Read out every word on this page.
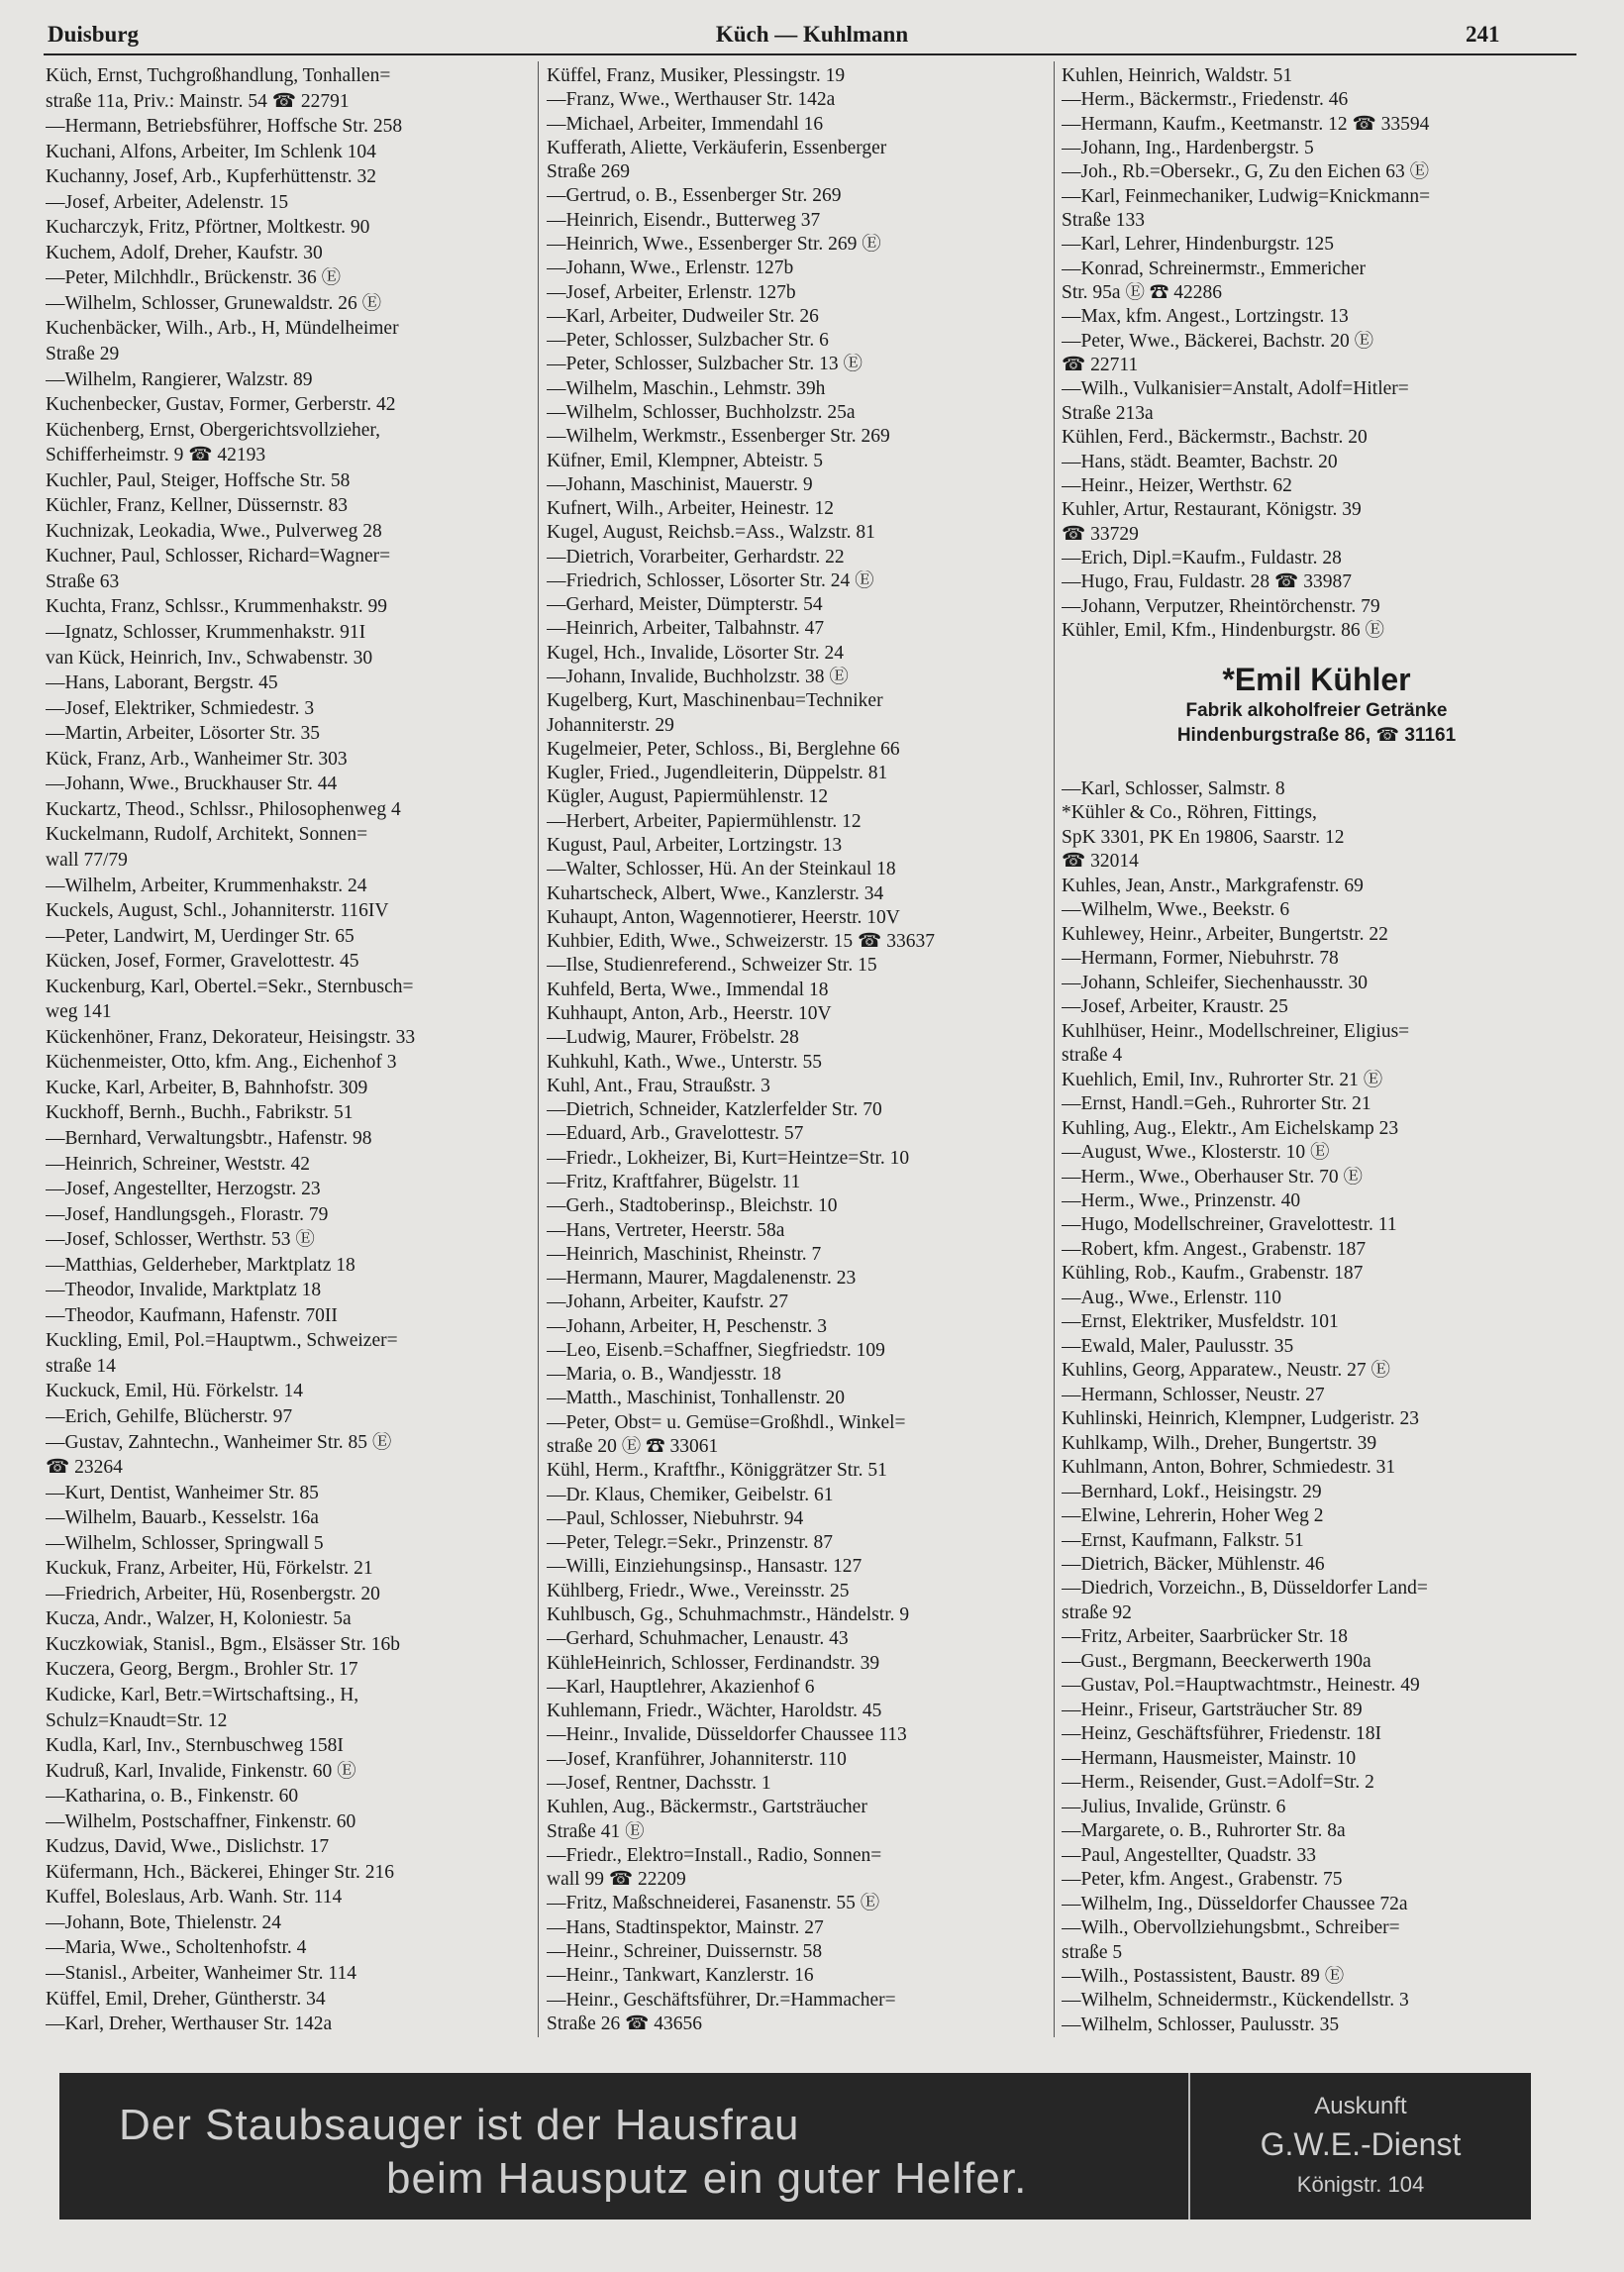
Duisburg	Küch — Kuhlmann	241
Küch, Ernst, Tuchgroßhandlung, Tonhallen=
straße 11a, Priv.: Mainstr. 54 ☎ 22791
—Hermann, Betriebsführer, Hoffsche Str. 258
Kuchani, Alfons, Arbeiter, Im Schlenk 104
Kuchanny, Josef, Arb., Kupferhüttenstr. 32
—Josef, Arbeiter, Adelenstr. 15
Kucharczyk, Fritz, Pförtner, Moltkestr. 90
Kuchem, Adolf, Dreher, Kaufstr. 30
—Peter, Milchhdlr., Brückenstr. 36 Ⓔ
—Wilhelm, Schlosser, Grunewaldstr. 26 Ⓔ
Kuchenbäcker, Wilh., Arb., H, Mündelheimer
Straße 29
—Wilhelm, Rangierer, Walzstr. 89
Kuchenbecker, Gustav, Former, Gerberstr. 42
Küchenberg, Ernst, Obergerichtsvollzieher,
Schifferheimstr. 9 ☎ 42193
Kuchler, Paul, Steiger, Hoffsche Str. 58
Küchler, Franz, Kellner, Düssernstr. 83
Kuchnizak, Leokadia, Wwe., Pulverweg 28
Kuchner, Paul, Schlosser, Richard=Wagner=
Straße 63
Kuchta, Franz, Schlssr., Krummenhakstr. 99
—Ignatz, Schlosser, Krummenhakstr. 91I
van Kück, Heinrich, Inv., Schwabenstr. 30
—Hans, Laborant, Bergstr. 45
—Josef, Elektriker, Schmiedestr. 3
—Martin, Arbeiter, Lösorter Str. 35
Kück, Franz, Arb., Wanheimer Str. 303
—Johann, Wwe., Bruckhauser Str. 44
Kuckartz, Theod., Schlssr., Philosophenweg 4
Kuckelmann, Rudolf, Architekt, Sonnen=
wall 77/79
—Wilhelm, Arbeiter, Krummenhakstr. 24
Kuckels, August, Schl., Johanniterstr. 116IV
—Peter, Landwirt, M, Uerdinger Str. 65
Kücken, Josef, Former, Gravelottestr. 45
Kuckenburg, Karl, Obertel.=Sekr., Sternbusch=
weg 141
Kückenhöner, Franz, Dekorateur, Heisingstr. 33
Küchenmeister, Otto, kfm. Ang., Eichenhof 3
Kucke, Karl, Arbeiter, B, Bahnhofstr. 309
Kuckhoff, Bernh., Buchh., Fabrikstr. 51
—Bernhard, Verwaltungsbtr., Hafenstr. 98
—Heinrich, Schreiner, Weststr. 42
—Josef, Angestellter, Herzogstr. 23
—Josef, Handlungsgeh., Florastr. 79
—Josef, Schlosser, Werthstr. 53 Ⓔ
—Matthias, Gelderheber, Marktplatz 18
—Theodor, Invalide, Marktplatz 18
—Theodor, Kaufmann, Hafenstr. 70II
Kuckling, Emil, Pol.=Hauptwm., Schweizer=
straße 14
Kuckuck, Emil, Hü. Förkelstr. 14
—Erich, Gehilfe, Blücherstr. 97
—Gustav, Zahntechn., Wanheimer Str. 85 Ⓔ
☎ 23264
—Kurt, Dentist, Wanheimer Str. 85
—Wilhelm, Bauarb., Kesselstr. 16a
—Wilhelm, Schlosser, Springwall 5
Kuckuk, Franz, Arbeiter, Hü, Förkelstr. 21
—Friedrich, Arbeiter, Hü, Rosenbergstr. 20
Kucza, Andr., Walzer, H, Koloniestr. 5a
Kuczkowiak, Stanisl., Bgm., Elsässer Str. 16b
Kuczera, Georg, Bergm., Brohler Str. 17
Kudicke, Karl, Betr.=Wirtschaftsing., H,
Schulz=Knaudt=Str. 12
Kudla, Karl, Inv., Sternbuschweg 158I
Kudruß, Karl, Invalide, Finkenstr. 60 Ⓔ
—Katharina, o. B., Finkenstr. 60
—Wilhelm, Postschaffner, Finkenstr. 60
Kudzus, David, Wwe., Dislichstr. 17
Küfermann, Hch., Bäckerei, Ehinger Str. 216
Kuffel, Boleslaus, Arb. Wanh. Str. 114
—Johann, Bote, Thielenstr. 24
—Maria, Wwe., Scholtenhofstr. 4
—Stanisl., Arbeiter, Wanheimer Str. 114
Küffel, Emil, Dreher, Güntherstr. 34
—Karl, Dreher, Werthauser Str. 142a
Küffel, Franz, Musiker, Plessingstr. 19
—Franz, Wwe., Werthauser Str. 142a
—Michael, Arbeiter, Immendahl 16
Kufferath, Aliette, Verkäuferin, Essenberger
Straße 269
—Gertrud, o. B., Essenberger Str. 269
—Heinrich, Eisendr., Butterweg 37
—Heinrich, Wwe., Essenberger Str. 269 Ⓔ
—Johann, Wwe., Erlenstr. 127b
—Josef, Arbeiter, Erlenstr. 127b
—Karl, Arbeiter, Dudweiler Str. 26
—Peter, Schlosser, Sulzbacher Str. 6
—Peter, Schlosser, Sulzbacher Str. 13 Ⓔ
—Wilhelm, Maschin., Lehmstr. 39h
—Wilhelm, Schlosser, Buchholzstr. 25a
—Wilhelm, Werkmstr., Essenberger Str. 269
Küfner, Emil, Klempner, Abteistr. 5
—Johann, Maschinist, Mauerstr. 9
Kufnert, Wilh., Arbeiter, Heinestr. 12
Kugel, August, Reichsb.=Ass., Walzstr. 81
—Dietrich, Vorarbeiter, Gerhardstr. 22
—Friedrich, Schlosser, Lösorter Str. 24 Ⓔ
—Gerhard, Meister, Dümpterstr. 54
—Heinrich, Arbeiter, Talbahnstr. 47
Kugel, Hch., Invalide, Lösorter Str. 24
—Johann, Invalide, Buchholzstr. 38 Ⓔ
Kugelberg, Kurt, Maschinenbau=Techniker
Johanniterstr. 29
Kugelmeier, Peter, Schloss., Bi, Berglehne 66
Kugler, Fried., Jugendleiterin, Düppelstr. 81
Kügler, August, Papiermühlenstr. 12
—Herbert, Arbeiter, Papiermühlenstr. 12
Kugust, Paul, Arbeiter, Lortzingstr. 13
—Walter, Schlosser, Hü. An der Steinkaul 18
Kuhartscheck, Albert, Wwe., Kanzlerstr. 34
Kuhaupt, Anton, Wagennotierer, Heerstr. 10V
Kuhbier, Edith, Wwe., Schweizerstr. 15 ☎ 33637
—Ilse, Studienreferend., Schweizer Str. 15
Kuhfeld, Berta, Wwe., Immendal 18
Kuhhaupt, Anton, Arb., Heerstr. 10V
—Ludwig, Maurer, Fröbelstr. 28
Kuhkuhl, Kath., Wwe., Unterstr. 55
Kuhl, Ant., Frau, Straußstr. 3
—Dietrich, Schneider, Katzlerfelder Str. 70
—Eduard, Arb., Gravelottestr. 57
—Friedr., Lokheizer, Bi, Kurt=Heintze=Str. 10
—Fritz, Kraftfahrer, Bügelstr. 11
—Gerh., Stadtoberinsp., Bleichstr. 10
—Hans, Vertreter, Heerstr. 58a
—Heinrich, Maschinist, Rheinstr. 7
—Hermann, Maurer, Magdalenenstr. 23
—Johann, Arbeiter, Kaufstr. 27
—Johann, Arbeiter, H, Peschenstr. 3
—Leo, Eisenb.=Schaffner, Siegfriedstr. 109
—Maria, o. B., Wandjesstr. 18
—Matth., Maschinist, Tonhallenstr. 20
—Peter, Obst= u. Gemüse=Großhdl., Winkel=
straße 20 Ⓔ ☎ 33061
Kühl, Herm., Kraftfhr., Königgrätzer Str. 51
—Dr. Klaus, Chemiker, Geibelstr. 61
—Paul, Schlosser, Niebuhrstr. 94
—Peter, Telegr.=Sekr., Prinzenstr. 87
—Willi, Einziehungsinsp., Hansastr. 127
Kühlberg, Friedr., Wwe., Vereinsstr. 25
Kuhlbusch, Gg., Schuhmachmstr., Händelstr. 9
—Gerhard, Schuhmacher, Lenaustr. 43
KühleHeinrich, Schlosser, Ferdinandstr. 39
—Karl, Hauptlehrer, Akazienhof 6
Kuhlemann, Friedr., Wächter, Haroldstr. 45
—Heinr., Invalide, Düsseldorfer Chaussee 113
—Josef, Kranführer, Johanniterstr. 110
—Josef, Rentner, Dachsstr. 1
Kuhlen, Aug., Bäckermstr., Gartsträucher
Straße 41 Ⓔ
—Friedr., Elektro=Install., Radio, Sonnen=
wall 99 ☎ 22209
—Fritz, Maßschneiderei, Fasanenstr. 55 Ⓔ
—Hans, Stadtinspektor, Mainstr. 27
—Heinr., Schreiner, Duissernstr. 58
—Heinr., Tankwart, Kanzlerstr. 16
—Heinr., Geschäftsführer, Dr.=Hammacher=
Straße 26 ☎ 43656
Kuhlen, Heinrich, Waldstr. 51
—Herm., Bäckermstr., Friedenstr. 46
—Hermann, Kaufm., Keetmanstr. 12 ☎ 33594
—Johann, Ing., Hardenbergstr. 5
—Joh., Rb.=Obersekr., G, Zu den Eichen 63 Ⓔ
—Karl, Feinmechaniker, Ludwig=Knickmann=
Straße 133
—Karl, Lehrer, Hindenburgstr. 125
—Konrad, Schreinermstr., Emmericher
Str. 95a Ⓔ ☎ 42286
—Max, kfm. Angest., Lortzingstr. 13
—Peter, Wwe., Bäckerei, Bachstr. 20 Ⓔ
☎ 22711
—Wilh., Vulkanisier=Anstalt, Adolf=Hitler=
Straße 213a
Kühlen, Ferd., Bäckermstr., Bachstr. 20
—Hans, städt. Beamter, Bachstr. 20
—Heinr., Heizer, Werthstr. 62
Kuhler, Artur, Restaurant, Königstr. 39
☎ 33729
—Erich, Dipl.=Kaufm., Fuldastr. 28
—Hugo, Frau, Fuldastr. 28 ☎ 33987
—Johann, Verputzer, Rheintörchenstr. 79
Kühler, Emil, Kfm., Hindenburgstr. 86 Ⓔ
*Emil Kühler
Fabrik alkoholfreier Getränke
Hindenburgstraße 86, ☎ 31161
—Karl, Schlosser, Salmstr. 8
*Kühler & Co., Röhren, Fittings,
SpK 3301, PK En 19806, Saarstr. 12
☎ 32014
Kuhles, Jean, Anstr., Markgrafenstr. 69
—Wilhelm, Wwe., Beekstr. 6
Kuhlewey, Heinr., Arbeiter, Bungertstr. 22
—Hermann, Former, Niebuhrstr. 78
—Johann, Schleifer, Siechenhausstr. 30
—Josef, Arbeiter, Kraustr. 25
Kuhlhüser, Heinr., Modellschreiner, Eligius=
straße 4
Kuehlich, Emil, Inv., Ruhrorter Str. 21 Ⓔ
—Ernst, Handl.=Geh., Ruhrorter Str. 21
Kuhling, Aug., Elektr., Am Eichelskamp 23
—August, Wwe., Klosterstr. 10 Ⓔ
—Herm., Wwe., Oberhauser Str. 70 Ⓔ
—Herm., Wwe., Prinzenstr. 40
—Hugo, Modellschreiner, Gravelottestr. 11
—Robert, kfm. Angest., Grabenstr. 187
Kühling, Rob., Kaufm., Grabenstr. 187
—Aug., Wwe., Erlenstr. 110
—Ernst, Elektriker, Musfeldstr. 101
—Ewald, Maler, Paulusstr. 35
Kuhlins, Georg, Apparatew., Neustr. 27 Ⓔ
—Hermann, Schlosser, Neustr. 27
Kuhlinski, Heinrich, Klempner, Ludgeristr. 23
Kuhlkamp, Wilh., Dreher, Bungertstr. 39
Kuhlmann, Anton, Bohrer, Schmiedestr. 31
—Bernhard, Lokf., Heisingstr. 29
—Elwine, Lehrerin, Hoher Weg 2
—Ernst, Kaufmann, Falkstr. 51
—Dietrich, Bäcker, Mühlenstr. 46
—Diedrich, Vorzeichn., B, Düsseldorfer Land=
straße 92
—Fritz, Arbeiter, Saarbrücker Str. 18
—Gust., Bergmann, Beeckerwerth 190a
—Gustav, Pol.=Hauptwachtmstr., Heinestr. 49
—Heinr., Friseur, Gartsträucher Str. 89
—Heinz, Geschäftsführer, Friedenstr. 18I
—Hermann, Hausmeister, Mainstr. 10
—Herm., Reisender, Gust.=Adolf=Str. 2
—Julius, Invalide, Grünstr. 6
—Margarete, o. B., Ruhrorter Str. 8a
—Paul, Angestellter, Quadstr. 33
—Peter, kfm. Angest., Grabenstr. 75
—Wilhelm, Ing., Düsseldorfer Chaussee 72a
—Wilh., Obervollziehungsbmt., Schreiber=
straße 5
—Wilh., Postassistent, Baustr. 89 Ⓔ
—Wilhelm, Schneidermstr., Kückendellstr. 3
—Wilhelm, Schlosser, Paulusstr. 35
Der Staubsauger ist der Hausfrau
beim Hausputz ein guter Helfer.
Auskunft
G.W.E.-Dienst
Königstr. 104
